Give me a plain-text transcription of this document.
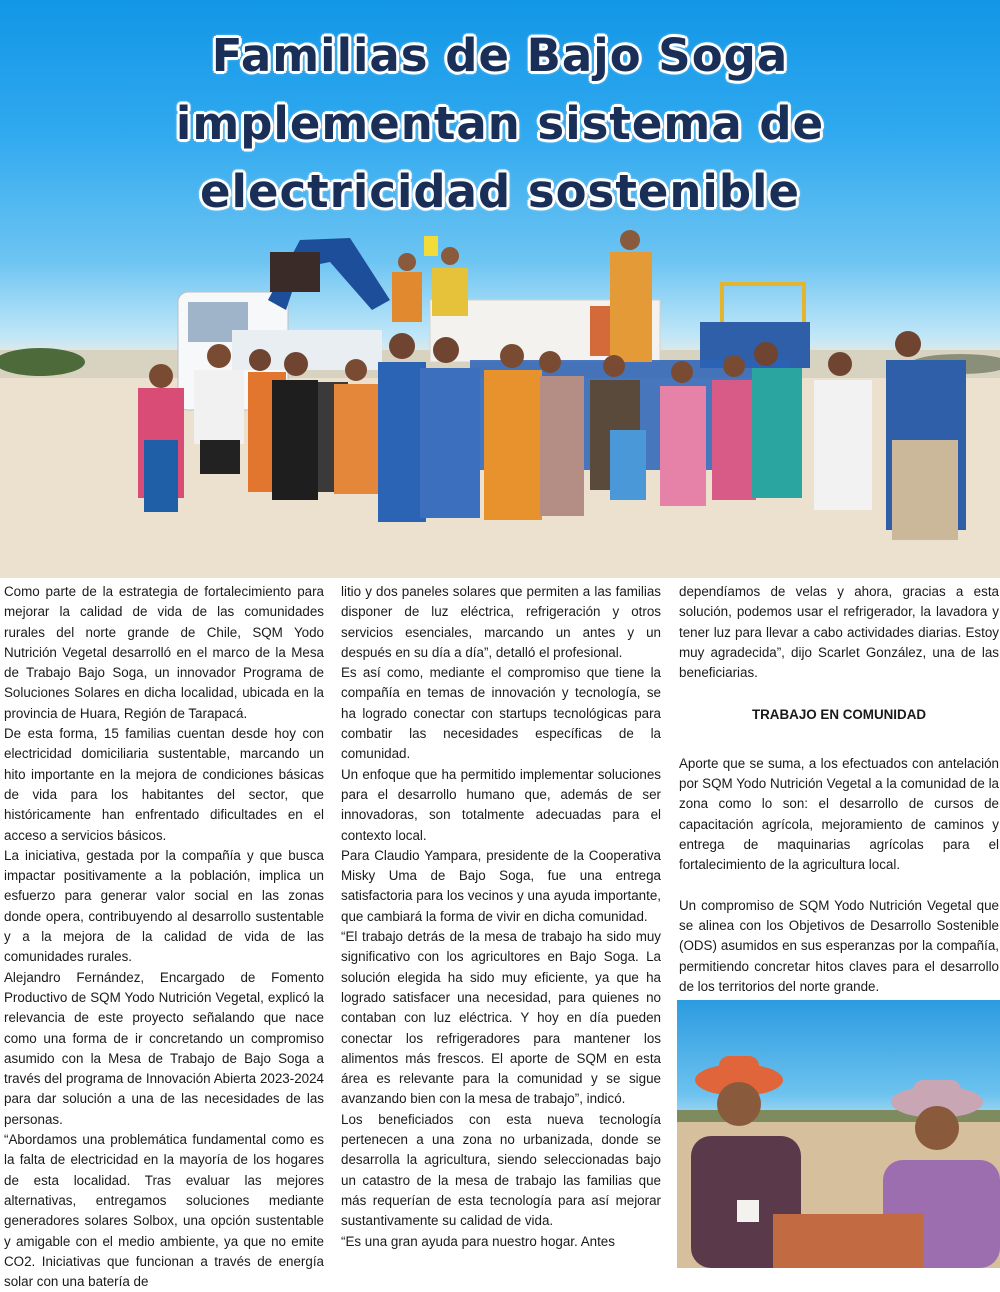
Familias de Bajo Soga
implementan sistema de
electricidad sostenible

Como parte de la estrategia de fortalecimiento para mejorar la calidad de vida de las comunidades rurales del norte grande de Chile, SQM Yodo Nutrición Vegetal desarrolló en el marco de la Mesa de Trabajo Bajo Soga, un innovador Programa de Soluciones Solares en dicha localidad, ubicada en la provincia de Huara, Región de Tarapacá.

De esta forma, 15 familias cuentan desde hoy con electricidad domiciliaria sustentable, marcando un hito importante en la mejora de condiciones básicas de vida para los habitantes del sector, que históricamente han enfrentado dificultades en el acceso a servicios básicos.

La iniciativa, gestada por la compañía y que busca impactar positivamente a la población, implica un esfuerzo para generar valor social en las zonas donde opera, contribuyendo al desarrollo sustentable y a la mejora de la calidad de vida de las comunidades rurales.

Alejandro Fernández, Encargado de Fomento Productivo de SQM Yodo Nutrición Vegetal, explicó la relevancia de este proyecto señalando que nace como una forma de ir concretando un compromiso asumido con la Mesa de Trabajo de Bajo Soga a través del programa de Innovación Abierta 2023-2024 para dar solución a una de las necesidades de las personas.

“Abordamos una problemática fundamental como es la falta de electricidad en la mayoría de los hogares de esta localidad. Tras evaluar las mejores alternativas, entregamos soluciones mediante generadores solares Solbox, una opción sustentable y amigable con el medio ambiente, ya que no emite CO2. Iniciativas que funcionan a través de energía solar con una batería de

litio y dos paneles solares que permiten a las familias disponer de luz eléctrica, refrigeración y otros servicios esenciales, marcando un antes y un después en su día a día”, detalló el profesional.

Es así como, mediante el compromiso que tiene la compañía en temas de innovación y tecnología, se ha logrado conectar con startups tecnológicas para combatir las necesidades específicas de la comunidad.

Un enfoque que ha permitido implementar soluciones para el desarrollo humano que, además de ser innovadoras, son totalmente adecuadas para el contexto local.

Para Claudio Yampara, presidente de la Cooperativa Misky Uma de Bajo Soga, fue una entrega satisfactoria para los vecinos y una ayuda importante, que cambiará la forma de vivir en dicha comunidad.

“El trabajo detrás de la mesa de trabajo ha sido muy significativo con los agricultores en Bajo Soga. La solución elegida ha sido muy eficiente, ya que ha logrado satisfacer una necesidad, para quienes no contaban con luz eléctrica. Y hoy en día pueden conectar los refrigeradores para mantener los alimentos más frescos. El aporte de SQM en esta área es relevante para la comunidad y se sigue avanzando bien con la mesa de trabajo”, indicó.

Los beneficiados con esta nueva tecnología pertenecen a una zona no urbanizada, donde se desarrolla la agricultura, siendo seleccionadas bajo un catastro de la mesa de trabajo las familias que más requerían de esta tecnología para así mejorar sustantivamente su calidad de vida.

“Es una gran ayuda para nuestro hogar. Antes

dependíamos de velas y ahora, gracias a esta solución, podemos usar el refrigerador, la lavadora y tener luz para llevar a cabo actividades diarias. Estoy muy agradecida”, dijo Scarlet González, una de las beneficiarias.

TRABAJO EN COMUNIDAD

Aporte que se suma, a los efectuados con antelación por SQM Yodo Nutrición Vegetal a la comunidad de la zona como lo son: el desarrollo de cursos de capacitación agrícola, mejoramiento de caminos y entrega de maquinarias agrícolas para el fortalecimiento de la agricultura local.

Un compromiso de SQM Yodo Nutrición Vegetal que se alinea con los Objetivos de Desarrollo Sostenible (ODS) asumidos en sus esperanzas por la compañía, permitiendo concretar hitos claves para el desarrollo de los territorios del norte grande.
